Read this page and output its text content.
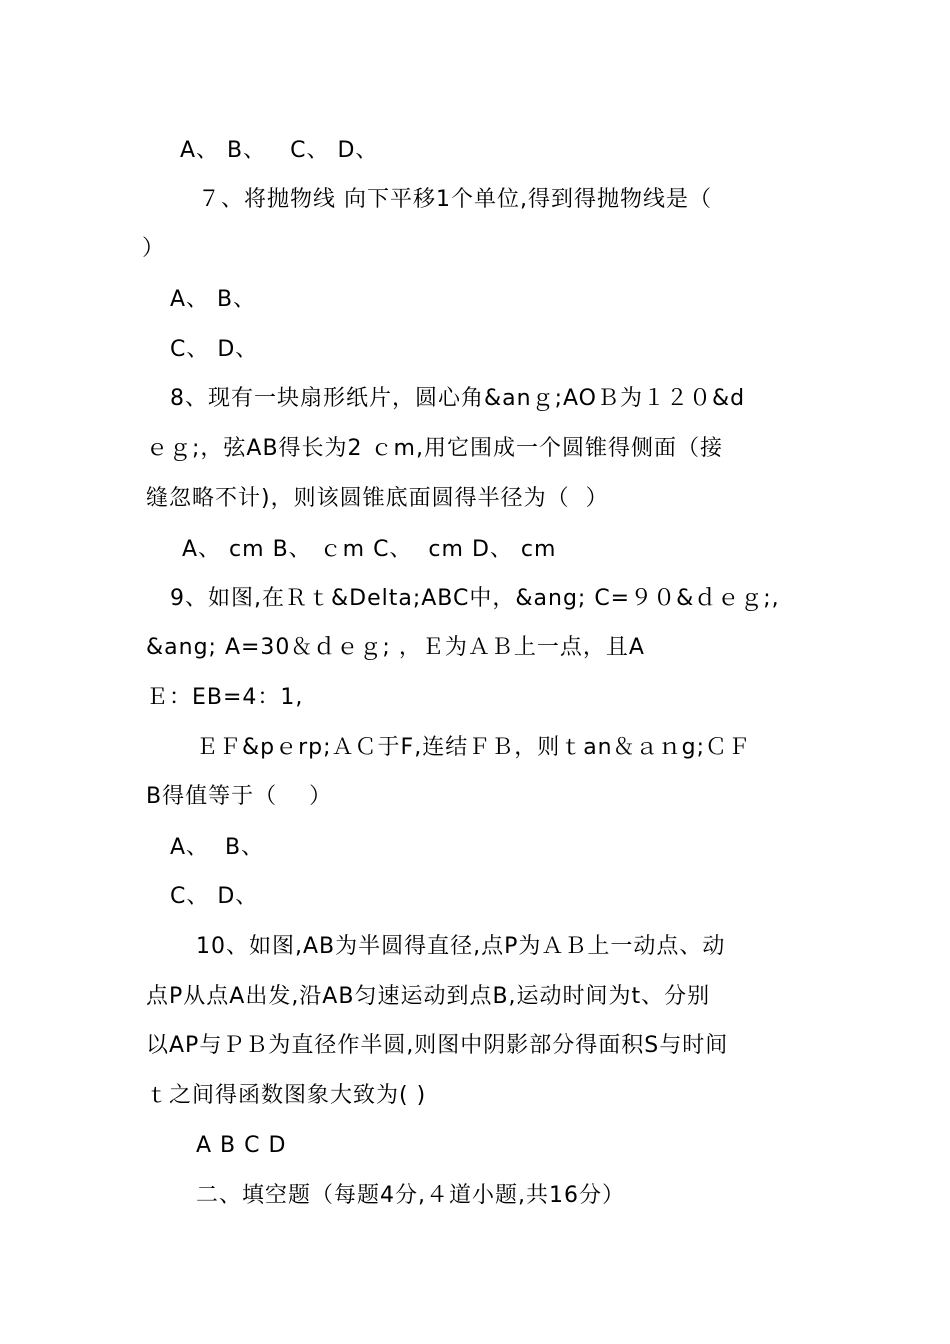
A、 B、   C、 D、
７、将抛物线 向下平移1个单位,得到得抛物线是（
）
A、 B、
C、 D、
8、现有一块扇形纸片，圆心角&anｇ;AOＢ为１２０&d
ｅｇ;，弦AB得长为2 ｃm,用它围成一个圆锥得侧面（接
缝忽略不计)，则该圆锥底面圆得半径为（  ）
A、 cm B、 ｃm C、  cm D、 cm
9、如图,在Ｒｔ&Delta;ABC中，&ang; C=９０&ｄｅｇ;,
&ang; A=30＆ｄｅｇ; ，Ｅ为ＡＢ上一点，且A
Ｅ：EB=4：1,
ＥＦ&pｅrp;ＡＣ于F,连结ＦＢ，则ｔan＆ａｎg;ＣＦ
B得值等于（    ）
A、  B、
C、 D、
10、如图,AB为半圆得直径,点P为ＡＢ上一动点、动
点P从点A出发,沿AB匀速运动到点B,运动时间为t、分别
以AP与ＰＢ为直径作半圆,则图中阴影部分得面积S与时间
ｔ之间得函数图象大致为( )
A B C D
二、填空题（每题4分,４道小题,共16分）
